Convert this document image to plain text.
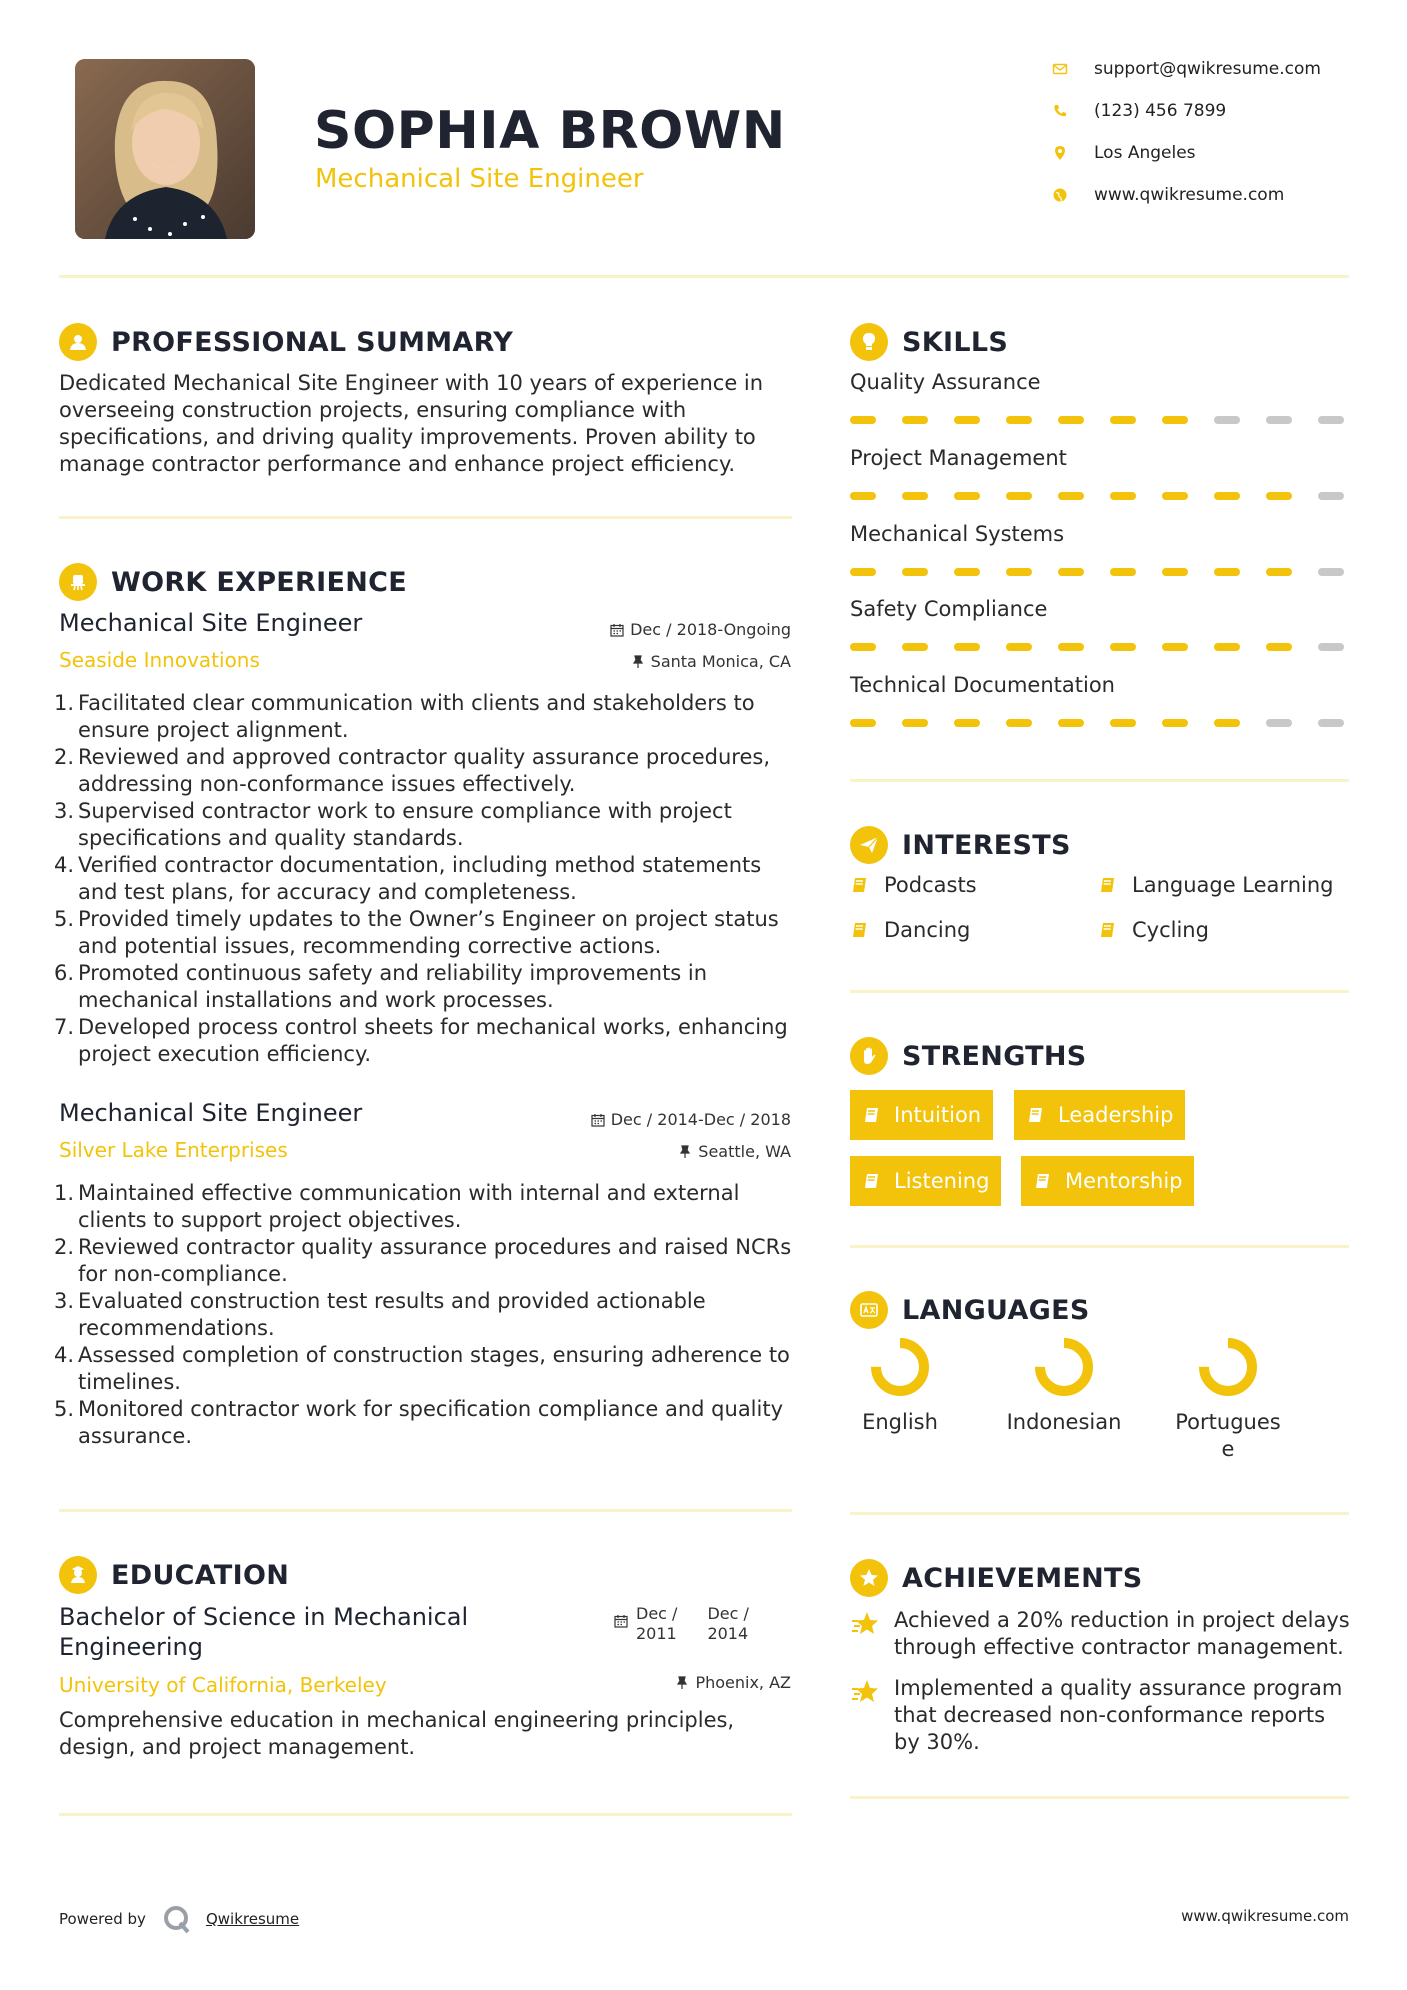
SOPHIA BROWN
Mechanical Site Engineer
support@qwikresume.com
(123) 456 7899
Los Angeles
www.qwikresume.com
PROFESSIONAL SUMMARY

Dedicated Mechanical Site Engineer with 10 years of experience in overseeing construction projects, ensuring compliance with specifications, and driving quality improvements. Proven ability to manage contractor performance and enhance project efficiency.

WORK EXPERIENCE
Mechanical Site Engineer	Dec / 2018-Ongoing
Seaside Innovations	Santa Monica, CA
1. Facilitated clear communication with clients and stakeholders to ensure project alignment.
2. Reviewed and approved contractor quality assurance procedures, addressing non-conformance issues effectively.
3. Supervised contractor work to ensure compliance with project specifications and quality standards.
4. Verified contractor documentation, including method statements and test plans, for accuracy and completeness.
5. Provided timely updates to the Owner’s Engineer on project status and potential issues, recommending corrective actions.
6. Promoted continuous safety and reliability improvements in mechanical installations and work processes.
7. Developed process control sheets for mechanical works, enhancing project execution efficiency.
Mechanical Site Engineer	Dec / 2014-Dec / 2018
Silver Lake Enterprises	Seattle, WA
1. Maintained effective communication with internal and external clients to support project objectives.
2. Reviewed contractor quality assurance procedures and raised NCRs for non-compliance.
3. Evaluated construction test results and provided actionable recommendations.
4. Assessed completion of construction stages, ensuring adherence to timelines.
5. Monitored contractor work for specification compliance and quality assurance.
EDUCATION
Bachelor of Science in Mechanical Engineering
Dec /
2011
Dec /
2014
University of California, Berkeley	Phoenix, AZ

Comprehensive education in mechanical engineering principles, design, and project management.

SKILLS
Quality Assurance
Project Management
Mechanical Systems
Safety Compliance
Technical Documentation
INTERESTS
Podcasts	Language Learning
Dancing	Cycling
STRENGTHS
Intuition	Leadership
Listening	Mentorship
LANGUAGES
English	Indonesian	Portugues
e
ACHIEVEMENTS
Achieved a 20% reduction in project delays through effective contractor management.
Implemented a quality assurance program that decreased non-conformance reports by 30%.
Powered by	Qwikresume	www.qwikresume.com
